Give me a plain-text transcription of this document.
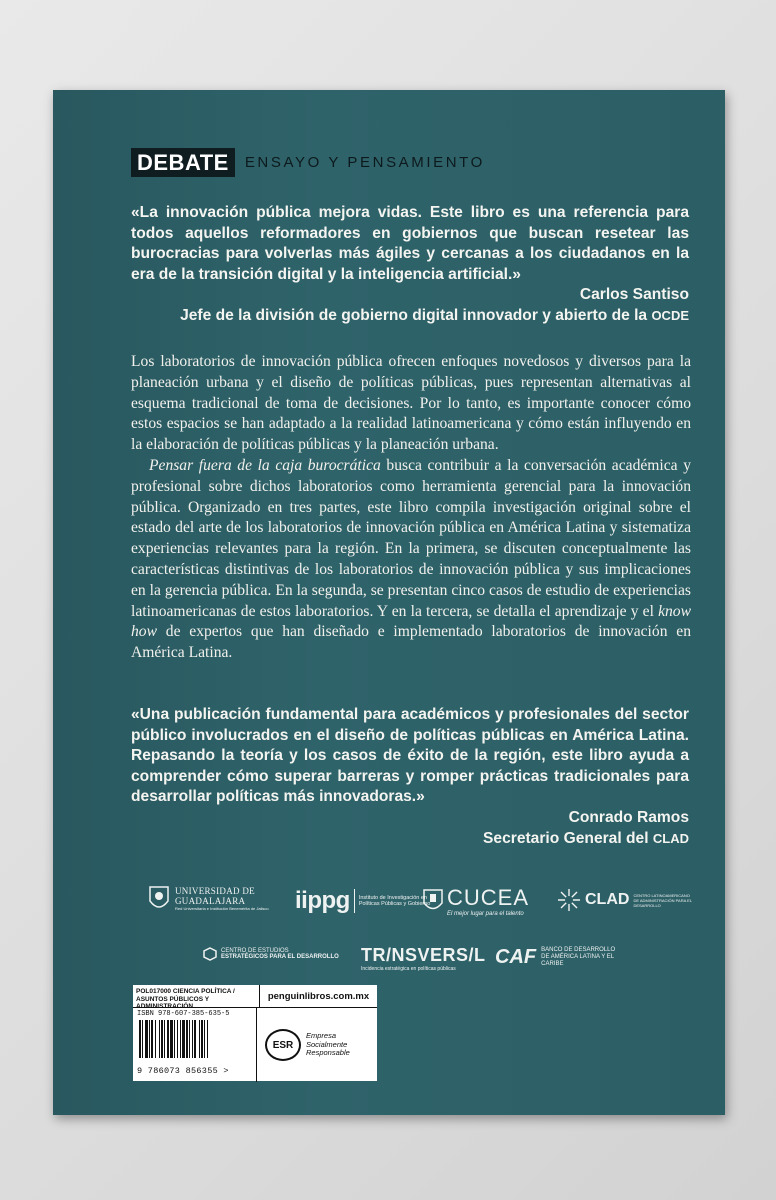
DEBATE	ENSAYO Y PENSAMIENTO

«La innovación pública mejora vidas. Este libro es una referencia para todos aquellos reformadores en gobiernos que buscan resetear las burocracias para volverlas más ágiles y cercanas a los ciudadanos en la era de la transición digital y la inteligencia artificial.»

Carlos Santiso

Jefe de la división de gobierno digital innovador y abierto de la OCDE

Los laboratorios de innovación pública ofrecen enfoques novedosos y diversos para la planeación urbana y el diseño de políticas públicas, pues representan alternativas al esquema tradicional de toma de decisiones. Por lo tanto, es importante conocer cómo estos espacios se han adaptado a la realidad latinoamericana y cómo están influyendo en la elaboración de políticas públicas y la planeación urbana.

Pensar fuera de la caja burocrática busca contribuir a la conversación académica y profesional sobre dichos laboratorios como herramienta gerencial para la innovación pública. Organizado en tres partes, este libro compila investigación original sobre el estado del arte de los laboratorios de innovación pública en América Latina y sistematiza experiencias relevantes para la región. En la primera, se discuten conceptualmente las características distintivas de los laboratorios de innovación pública y sus implicaciones en la gerencia pública. En la segunda, se presentan cinco casos de estudio de experiencias latinoamericanas de estos laboratorios. Y en la tercera, se detalla el aprendizaje y el know how de expertos que han diseñado e implementado laboratorios de innovación en América Latina.

«Una publicación fundamental para académicos y profesionales del sector público involucrados en el diseño de políticas públicas en América Latina. Repasando la teoría y los casos de éxito de la región, este libro ayuda a comprender cómo superar barreras y romper prácticas tradicionales para desarrollar políticas más innovadoras.»

Conrado Ramos

Secretario General del CLAD

UNIVERSIDAD DE
GUADALAJARA
Red Universitaria e Institución Benemérita de Jalisco iippg Instituto de Investigación en Políticas Públicas y Gobierno CUCEA
El mejor lugar para el talento
CLAD CENTRO LATINOAMERICANO DE ADMINISTRACIÓN PARA EL DESARROLLO
CENTRO DE ESTUDIOS
ESTRATÉGICOS PARA EL DESARROLLO TR/NSVERS/L
Incidencia estratégica en políticas públicas
CAF BANCO DE DESARROLLO DE AMÉRICA LATINA Y EL CARIBE
POL017000 CIENCIA POLÍTICA / ASUNTOS PÚBLICOS Y ADMINISTRACIÓN
penguinlibros.com.mx
ISBN 978-607-385-635-5
9 786073 856355 >
ESR
Empresa Socialmente Responsable
